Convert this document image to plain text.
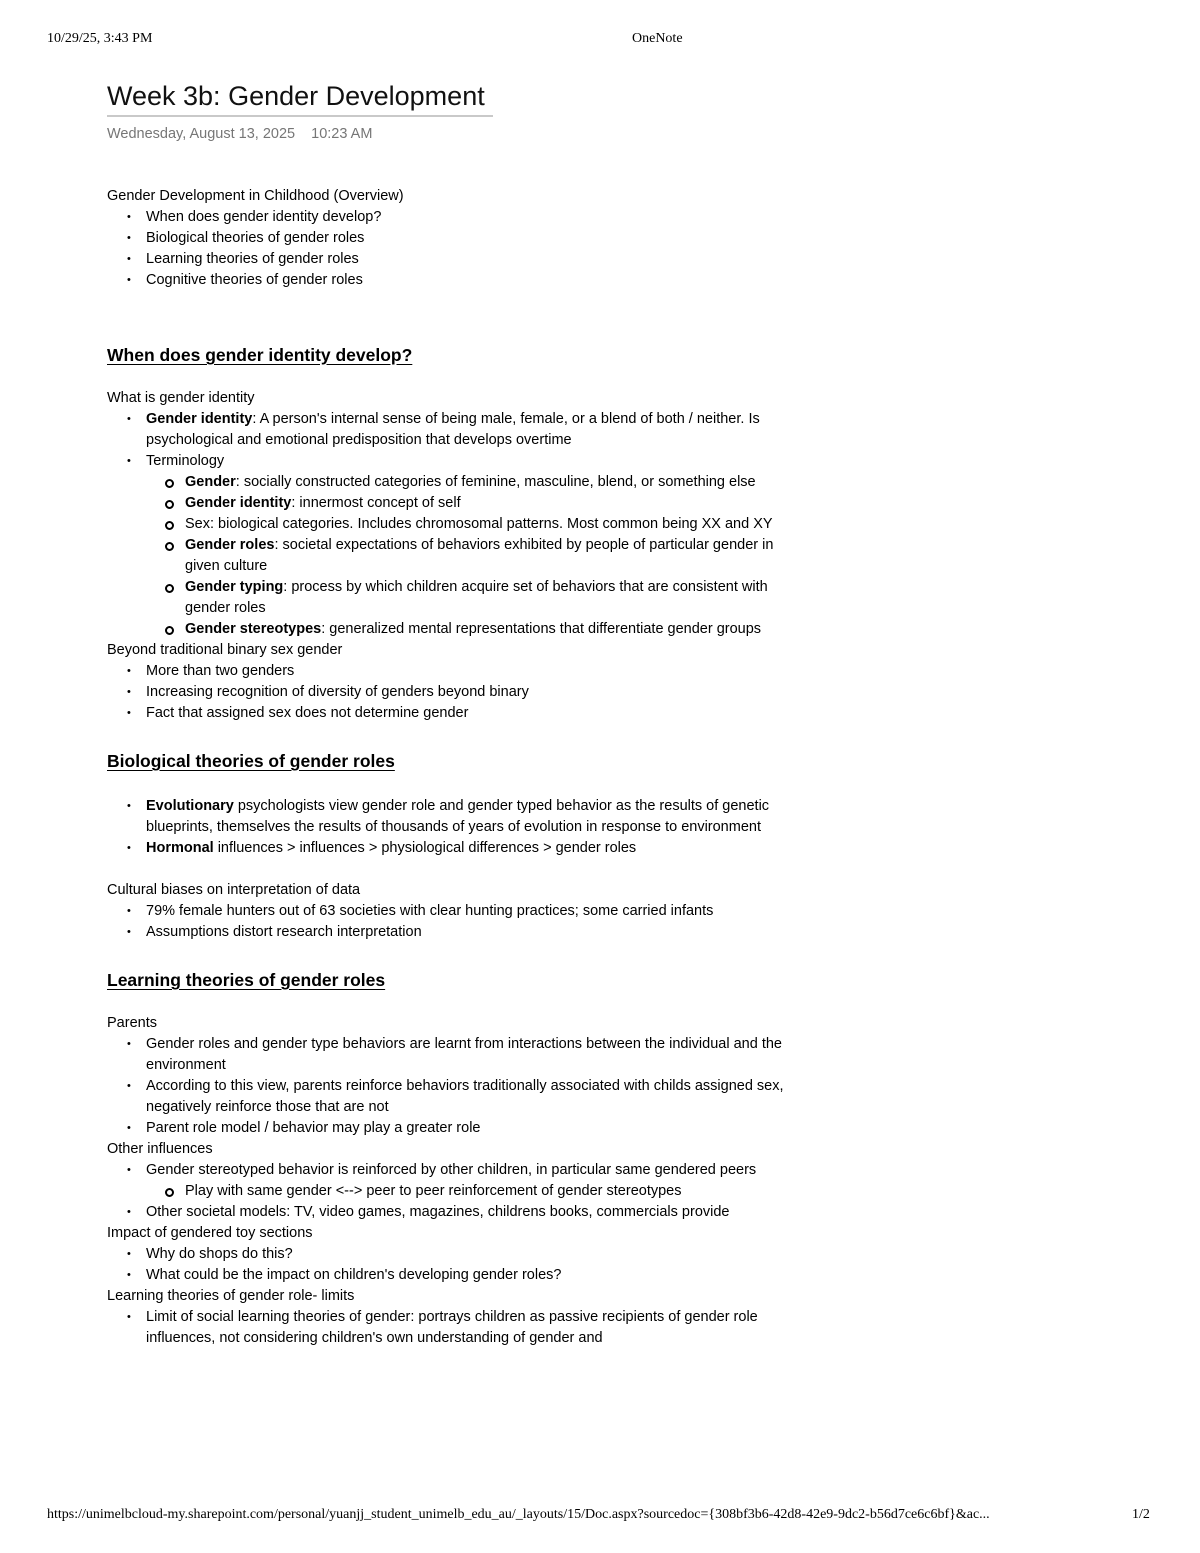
10/29/25, 3:43 PM	OneNote
Week 3b: Gender Development
Wednesday, August 13, 2025 10:23 AM

Gender Development in Childhood (Overview)

• When does gender identity develop?
• Biological theories of gender roles
• Learning theories of gender roles
• Cognitive theories of gender roles
When does gender identity develop?

What is gender identity

• Gender identity: A person's internal sense of being male, female, or a blend of both / neither. Is psychological and emotional predisposition that develops overtime
• Terminology
Gender: socially constructed categories of feminine, masculine, blend, or something else
Gender identity: innermost concept of self
Sex: biological categories. Includes chromosomal patterns. Most common being XX and XY
Gender roles: societal expectations of behaviors exhibited by people of particular gender in given culture
Gender typing: process by which children acquire set of behaviors that are consistent with gender roles
Gender stereotypes: generalized mental representations that differentiate gender groups

Beyond traditional binary sex gender

• More than two genders
• Increasing recognition of diversity of genders beyond binary
• Fact that assigned sex does not determine gender
Biological theories of gender roles
• Evolutionary psychologists view gender role and gender typed behavior as the results of genetic blueprints, themselves the results of thousands of years of evolution in response to environment
• Hormonal influences > influences > physiological differences > gender roles

Cultural biases on interpretation of data

• 79% female hunters out of 63 societies with clear hunting practices; some carried infants
• Assumptions distort research interpretation
Learning theories of gender roles

Parents

• Gender roles and gender type behaviors are learnt from interactions between the individual and the environment
• According to this view, parents reinforce behaviors traditionally associated with childs assigned sex, negatively reinforce those that are not
• Parent role model / behavior may play a greater role

Other influences

• Gender stereotyped behavior is reinforced by other children, in particular same gendered peers
Play with same gender <--> peer to peer reinforcement of gender stereotypes
• Other societal models: TV, video games, magazines, childrens books, commercials provide

Impact of gendered toy sections

• Why do shops do this?
• What could be the impact on children's developing gender roles?

Learning theories of gender role- limits

• Limit of social learning theories of gender: portrays children as passive recipients of gender role influences, not considering children's own understanding of gender and
https://unimelbcloud-my.sharepoint.com/personal/yuanjj_student_unimelb_edu_au/_layouts/15/Doc.aspx?sourcedoc={308bf3b6-42d8-42e9-9dc2-b56d7ce6c6bf}&ac...	1/2
